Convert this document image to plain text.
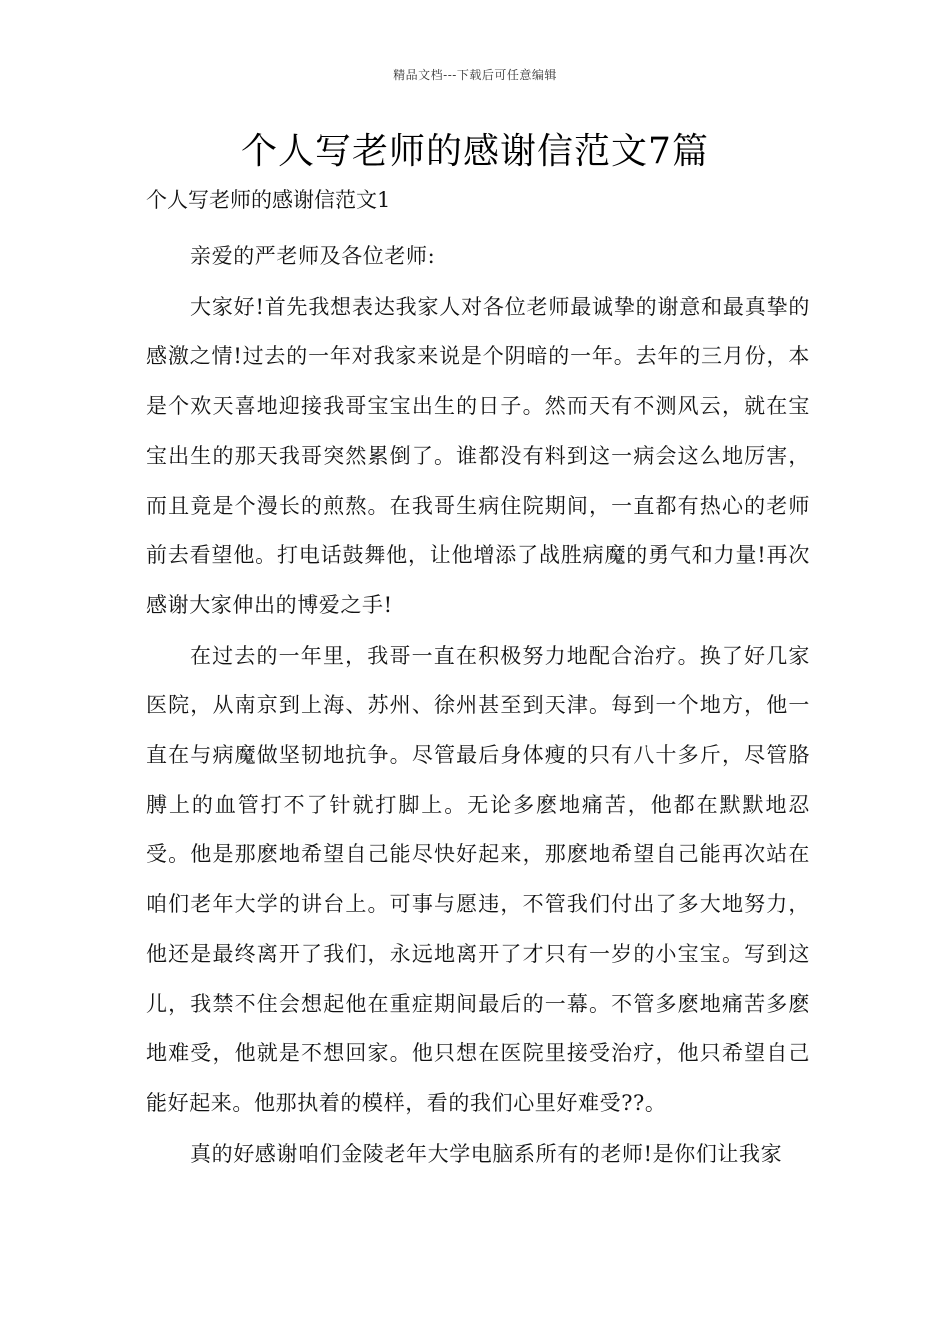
精品文档---下载后可任意编辑
个人写老师的感谢信范文7篇
个人写老师的感谢信范文1

亲爱的严老师及各位老师:

大家好!首先我想表达我家人对各位老师最诚挚的谢意和最真挚的感激之情!过去的一年对我家来说是个阴暗的一年。去年的三月份，本是个欢天喜地迎接我哥宝宝出生的日子。然而天有不测风云，就在宝宝出生的那天我哥突然累倒了。谁都没有料到这一病会这么地厉害，而且竟是个漫长的煎熬。在我哥生病住院期间，一直都有热心的老师前去看望他。打电话鼓舞他，让他增添了战胜病魔的勇气和力量!再次感谢大家伸出的博爱之手!

在过去的一年里，我哥一直在积极努力地配合治疗。换了好几家医院，从南京到上海、苏州、徐州甚至到天津。每到一个地方，他一直在与病魔做坚韧地抗争。尽管最后身体瘦的只有八十多斤，尽管胳膊上的血管打不了针就打脚上。无论多麽地痛苦，他都在默默地忍受。他是那麽地希望自己能尽快好起来，那麽地希望自己能再次站在咱们老年大学的讲台上。可事与愿违，不管我们付出了多大地努力，他还是最终离开了我们，永远地离开了才只有一岁的小宝宝。写到这儿，我禁不住会想起他在重症期间最后的一幕。不管多麽地痛苦多麽地难受，他就是不想回家。他只想在医院里接受治疗，他只希望自己能好起来。他那执着的模样，看的我们心里好难受??。

真的好感谢咱们金陵老年大学电脑系所有的老师!是你们让我家
